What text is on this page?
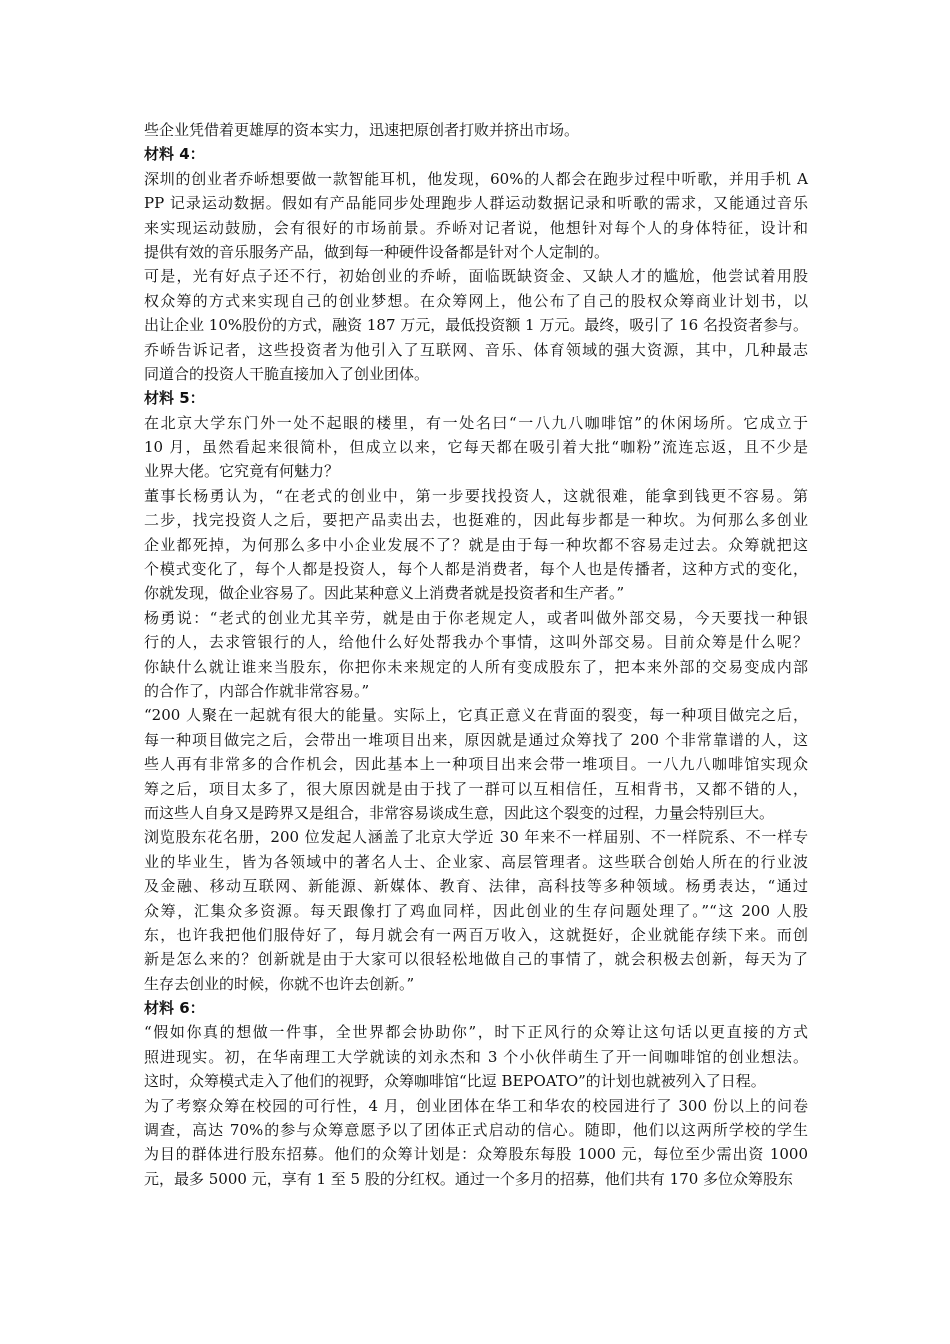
些企业凭借着更雄厚的资本实力，迅速把原创者打败并挤出市场。
材料 4：
深圳的创业者乔峤想要做一款智能耳机，他发现，60%的人都会在跑步过程中听歌，并用手机 A
PP 记录运动数据。假如有产品能同步处理跑步人群运动数据记录和听歌的需求，又能通过音乐
来实现运动鼓励，会有很好的市场前景。乔峤对记者说，他想针对每个人的身体特征，设计和
提供有效的音乐服务产品，做到每一种硬件设备都是针对个人定制的。
可是，光有好点子还不行，初始创业的乔峤，面临既缺资金、又缺人才的尴尬，他尝试着用股
权众筹的方式来实现自己的创业梦想。在众筹网上，他公布了自己的股权众筹商业计划书，以
出让企业 10%股份的方式，融资 187 万元，最低投资额 1 万元。最终，吸引了 16 名投资者参与。
乔峤告诉记者，这些投资者为他引入了互联网、音乐、体育领域的强大资源，其中，几种最志
同道合的投资人干脆直接加入了创业团体。
材料 5：
在北京大学东门外一处不起眼的楼里，有一处名曰“一八九八咖啡馆”的休闲场所。它成立于
10 月，虽然看起来很简朴，但成立以来，它每天都在吸引着大批“咖粉”流连忘返，且不少是
业界大佬。它究竟有何魅力？
董事长杨勇认为，“在老式的创业中，第一步要找投资人，这就很难，能拿到钱更不容易。第
二步，找完投资人之后，要把产品卖出去，也挺难的，因此每步都是一种坎。为何那么多创业
企业都死掉，为何那么多中小企业发展不了？就是由于每一种坎都不容易走过去。众筹就把这
个模式变化了，每个人都是投资人，每个人都是消费者，每个人也是传播者，这种方式的变化，
你就发现，做企业容易了。因此某种意义上消费者就是投资者和生产者。”
杨勇说：“老式的创业尤其辛劳，就是由于你老规定人，或者叫做外部交易，今天要找一种银
行的人，去求管银行的人，给他什么好处帮我办个事情，这叫外部交易。目前众筹是什么呢？
你缺什么就让谁来当股东，你把你未来规定的人所有变成股东了，把本来外部的交易变成内部
的合作了，内部合作就非常容易。”
“200 人聚在一起就有很大的能量。实际上，它真正意义在背面的裂变，每一种项目做完之后，
每一种项目做完之后，会带出一堆项目出来，原因就是通过众筹找了 200 个非常靠谱的人，这
些人再有非常多的合作机会，因此基本上一种项目出来会带一堆项目。一八九八咖啡馆实现众
筹之后，项目太多了，很大原因就是由于找了一群可以互相信任，互相背书，又都不错的人，
而这些人自身又是跨界又是组合，非常容易谈成生意，因此这个裂变的过程，力量会特别巨大。
浏览股东花名册，200 位发起人涵盖了北京大学近 30 年来不一样届别、不一样院系、不一样专
业的毕业生，皆为各领域中的著名人士、企业家、高层管理者。这些联合创始人所在的行业波
及金融、移动互联网、新能源、新媒体、教育、法律，高科技等多种领域。杨勇表达，“通过
众筹，汇集众多资源。每天跟像打了鸡血同样，因此创业的生存问题处理了。”“这 200 人股
东，也许我把他们服侍好了，每月就会有一两百万收入，这就挺好，企业就能存续下来。而创
新是怎么来的？创新就是由于大家可以很轻松地做自己的事情了，就会积极去创新，每天为了
生存去创业的时候，你就不也许去创新。”
材料 6：
“假如你真的想做一件事，全世界都会协助你”，时下正风行的众筹让这句话以更直接的方式
照进现实。初，在华南理工大学就读的刘永杰和 3 个小伙伴萌生了开一间咖啡馆的创业想法。
这时，众筹模式走入了他们的视野，众筹咖啡馆“比逗 BEPOATO”的计划也就被列入了日程。
为了考察众筹在校园的可行性，4 月，创业团体在华工和华农的校园进行了 300 份以上的问卷
调查，高达 70%的参与众筹意愿予以了团体正式启动的信心。随即，他们以这两所学校的学生
为目的群体进行股东招募。他们的众筹计划是：众筹股东每股 1000 元，每位至少需出资 1000
元，最多 5000 元，享有 1 至 5 股的分红权。通过一个多月的招募，他们共有 170 多位众筹股东
